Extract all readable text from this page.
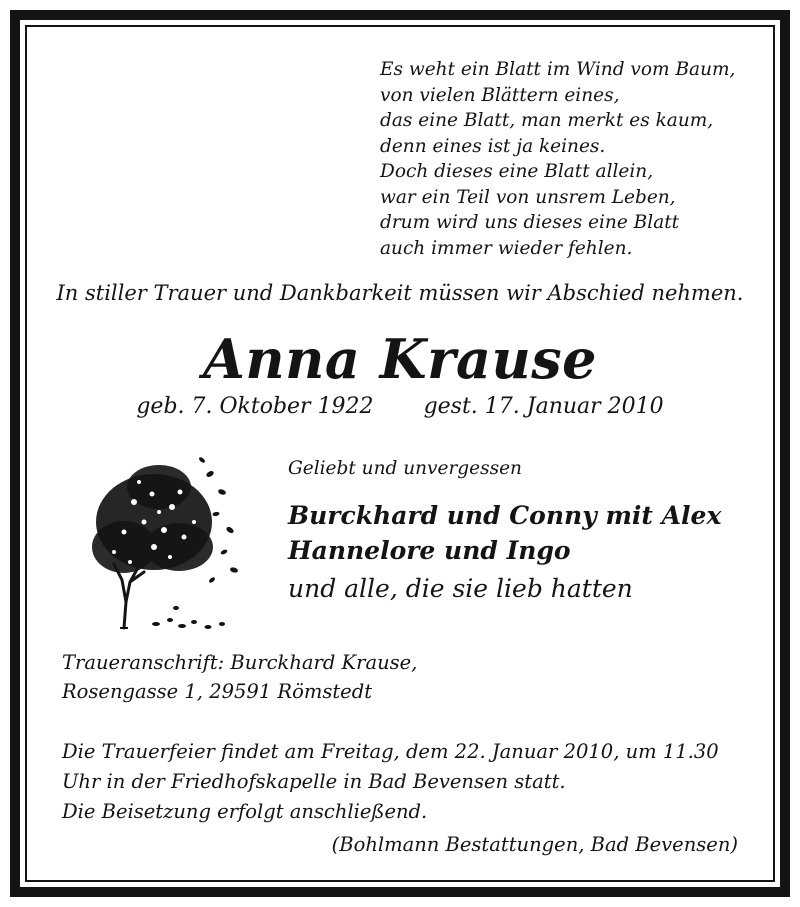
Es weht ein Blatt im Wind vom Baum,
von vielen Blättern eines,
das eine Blatt, man merkt es kaum,
denn eines ist ja keines.
Doch dieses eine Blatt allein,
war ein Teil von unsrem Leben,
drum wird uns dieses eine Blatt
auch immer wieder fehlen.
In stiller Trauer und Dankbarkeit müssen wir Abschied nehmen.
Anna Krause
geb. 7. Oktober 1922 gest. 17. Januar 2010
Geliebt und unvergessen
Burckhard und Conny mit Alex
Hannelore und Ingo
und alle, die sie lieb hatten
Traueranschrift: Burckhard Krause,
Rosengasse 1, 29591 Römstedt
Die Trauerfeier findet am Freitag, dem 22. Januar 2010, um 11.30
Uhr in der Friedhofskapelle in Bad Bevensen statt.
Die Beisetzung erfolgt anschließend.
(Bohlmann Bestattungen, Bad Bevensen)
